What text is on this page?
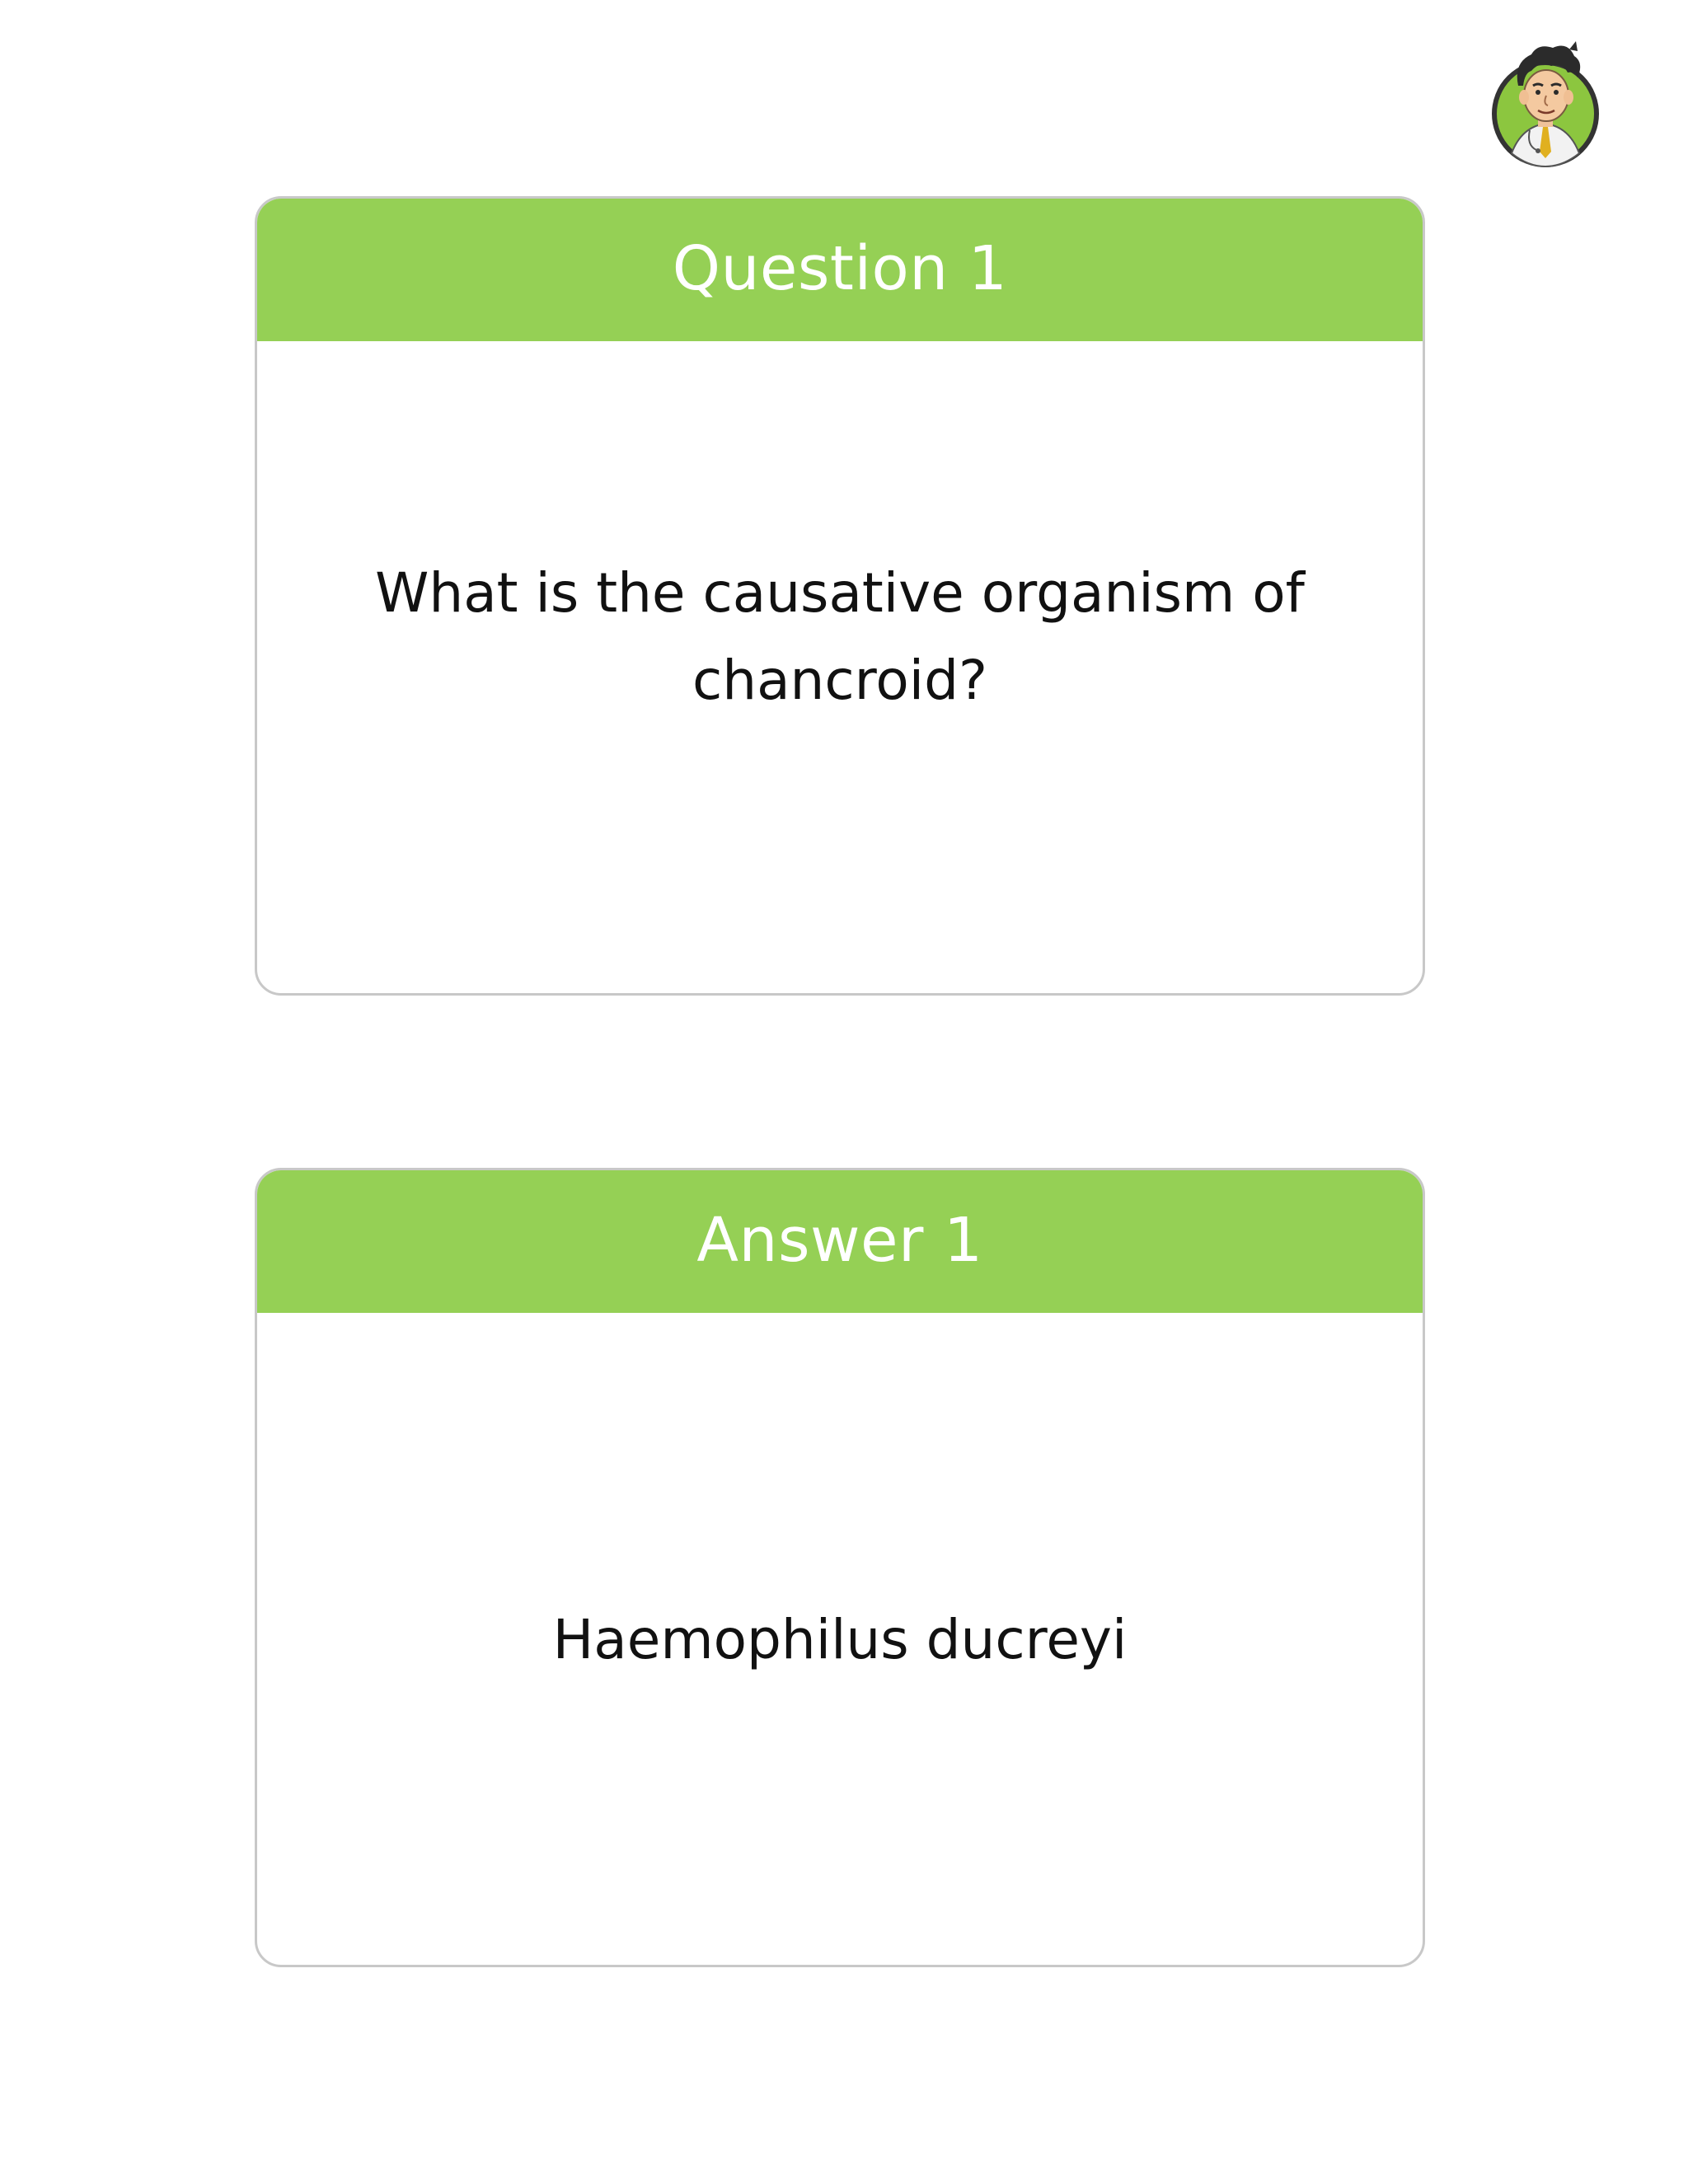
Question 1
What is the causative organism of chancroid?
Answer 1
Haemophilus ducreyi
